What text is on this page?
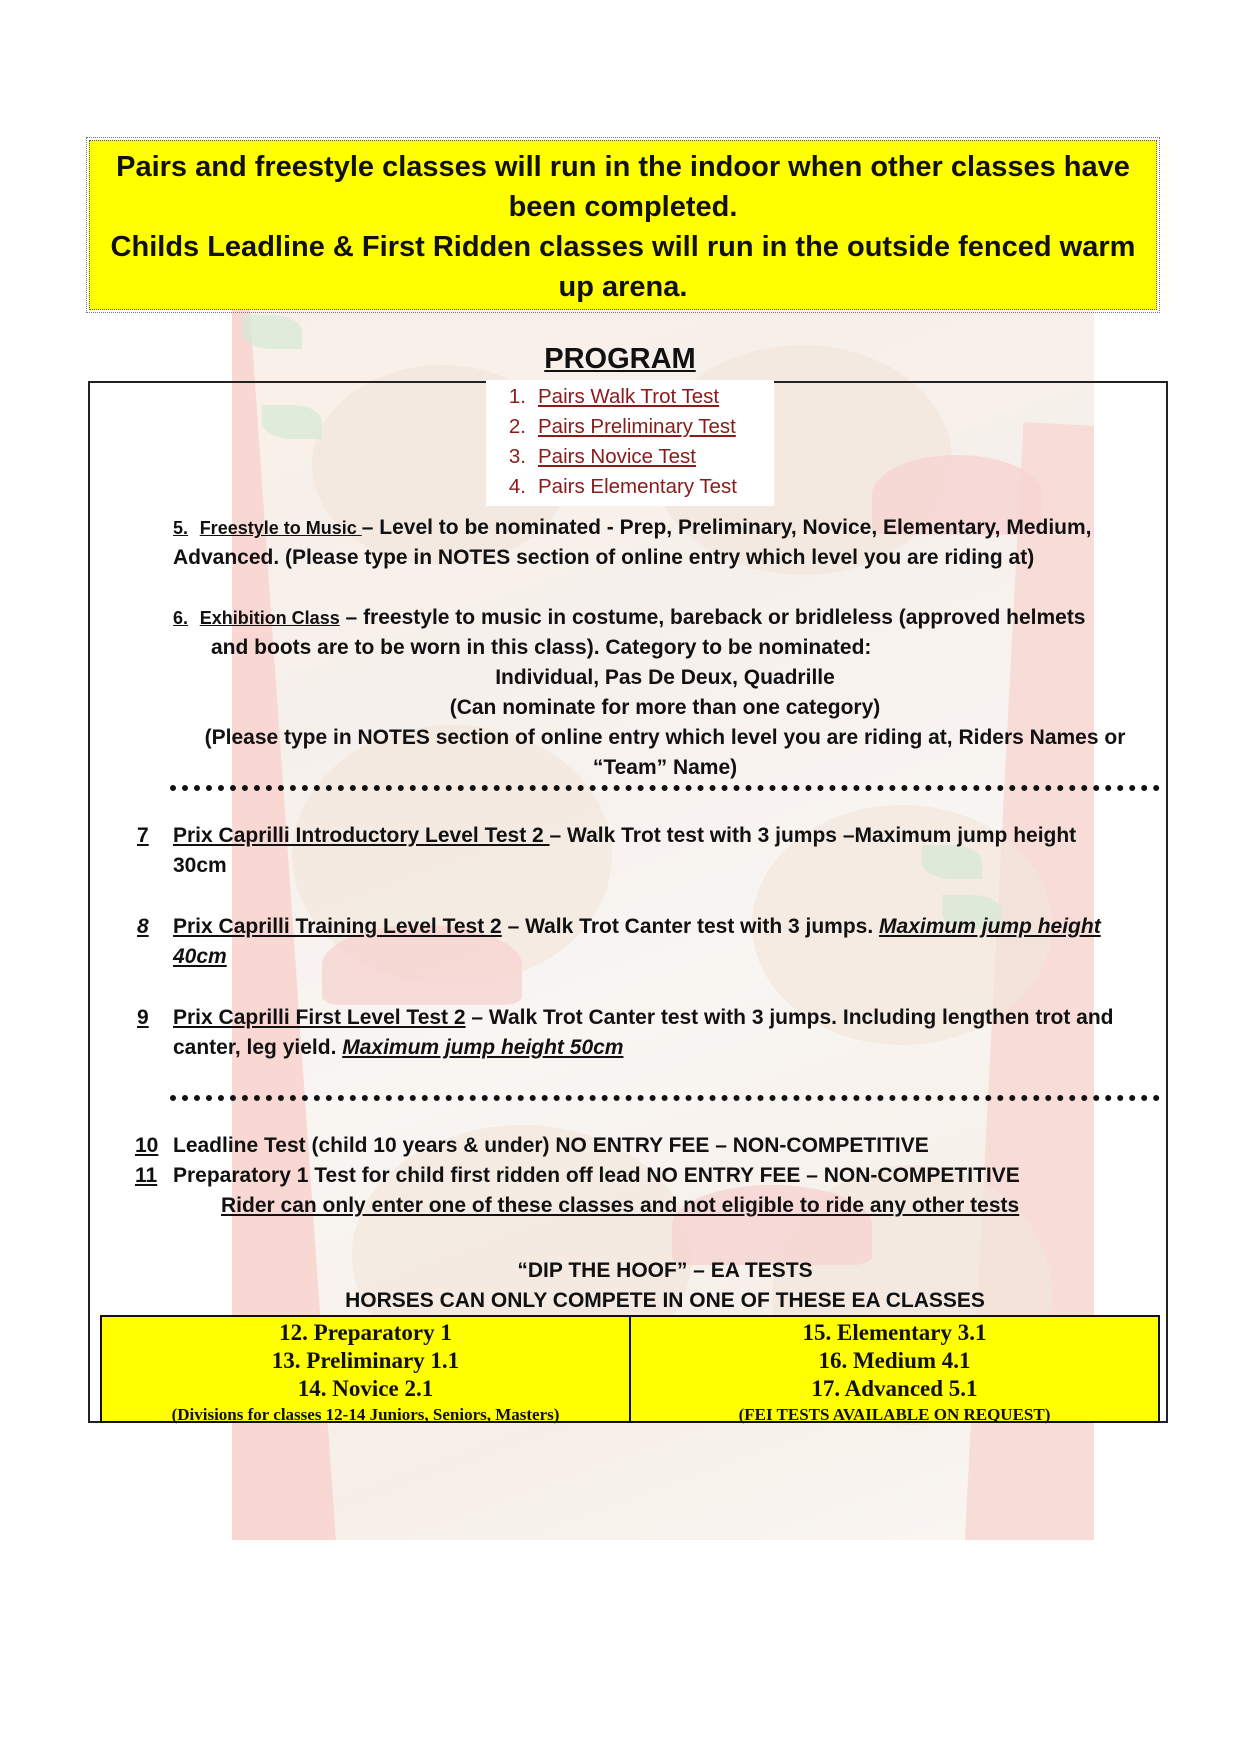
Pairs and freestyle classes will run in the indoor when other classes have been completed.

Childs Leadline & First Ridden classes will run in the outside fenced warm up arena.

PROGRAM
1. Pairs Walk Trot Test
2. Pairs Preliminary Test
3. Pairs Novice Test
4. Pairs Elementary Test
5. Freestyle to Music – Level to be nominated - Prep, Preliminary, Novice, Elementary, Medium,
Advanced. (Please type in NOTES section of online entry which level you are riding at)
6. Exhibition Class – freestyle to music in costume, bareback or bridleless (approved helmets
and boots are to be worn in this class). Category to be nominated:
Individual, Pas De Deux, Quadrille
(Can nominate for more than one category)
(Please type in NOTES section of online entry which level you are riding at, Riders Names or
“Team” Name)
7 Prix Caprilli Introductory Level Test 2 – Walk Trot test with 3 jumps –Maximum jump height
30cm
8 Prix Caprilli Training Level Test 2 – Walk Trot Canter test with 3 jumps. Maximum jump height
40cm
9 Prix Caprilli First Level Test 2 – Walk Trot Canter test with 3 jumps. Including lengthen trot and
canter, leg yield. Maximum jump height 50cm
10 Leadline Test (child 10 years & under) NO ENTRY FEE – NON-COMPETITIVE
11 Preparatory 1 Test for child first ridden off lead NO ENTRY FEE – NON-COMPETITIVE
Rider can only enter one of these classes and not eligible to ride any other tests
“DIP THE HOOF” – EA TESTS
HORSES CAN ONLY COMPETE IN ONE OF THESE EA CLASSES
12. Preparatory 1
13. Preliminary 1.1
14. Novice 2.1
(Divisions for classes 12-14 Juniors, Seniors, Masters)
15. Elementary 3.1
16. Medium 4.1
17. Advanced 5.1
(FEI TESTS AVAILABLE ON REQUEST)
